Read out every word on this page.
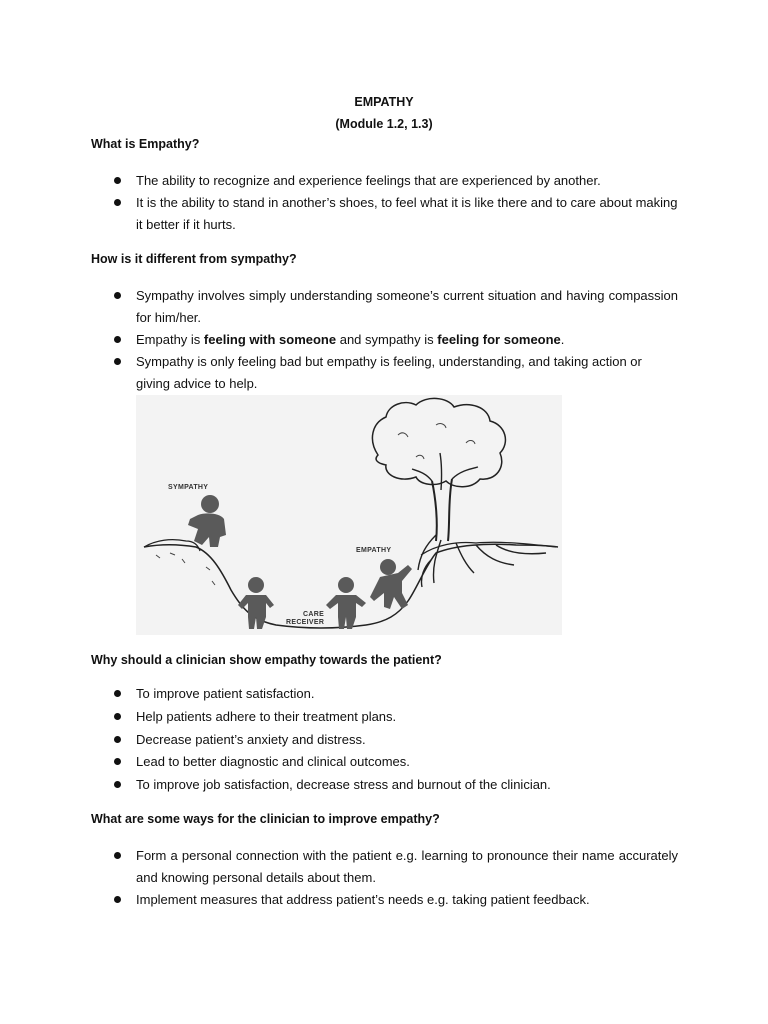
EMPATHY
(Module 1.2, 1.3)
What is Empathy?
The ability to recognize and experience feelings that are experienced by another.
It is the ability to stand in another’s shoes, to feel what it is like there and to care about making it better if it hurts.
How is it different from sympathy?
Sympathy involves simply understanding someone’s current situation and having compassion for him/her.
Empathy is feeling with someone and sympathy is feeling for someone.
Sympathy is only feeling bad but empathy is feeling, understanding, and taking action or giving advice to help.
SYMPATHY
EMPATHY
CARE
RECEIVER
Why should a clinician show empathy towards the patient?
To improve patient satisfaction.
Help patients adhere to their treatment plans.
Decrease patient’s anxiety and distress.
Lead to better diagnostic and clinical outcomes.
To improve job satisfaction, decrease stress and burnout of the clinician.
What are some ways for the clinician to improve empathy?
Form a personal connection with the patient e.g. learning to pronounce their name accurately and knowing personal details about them.
Implement measures that address patient’s needs e.g. taking patient feedback.
